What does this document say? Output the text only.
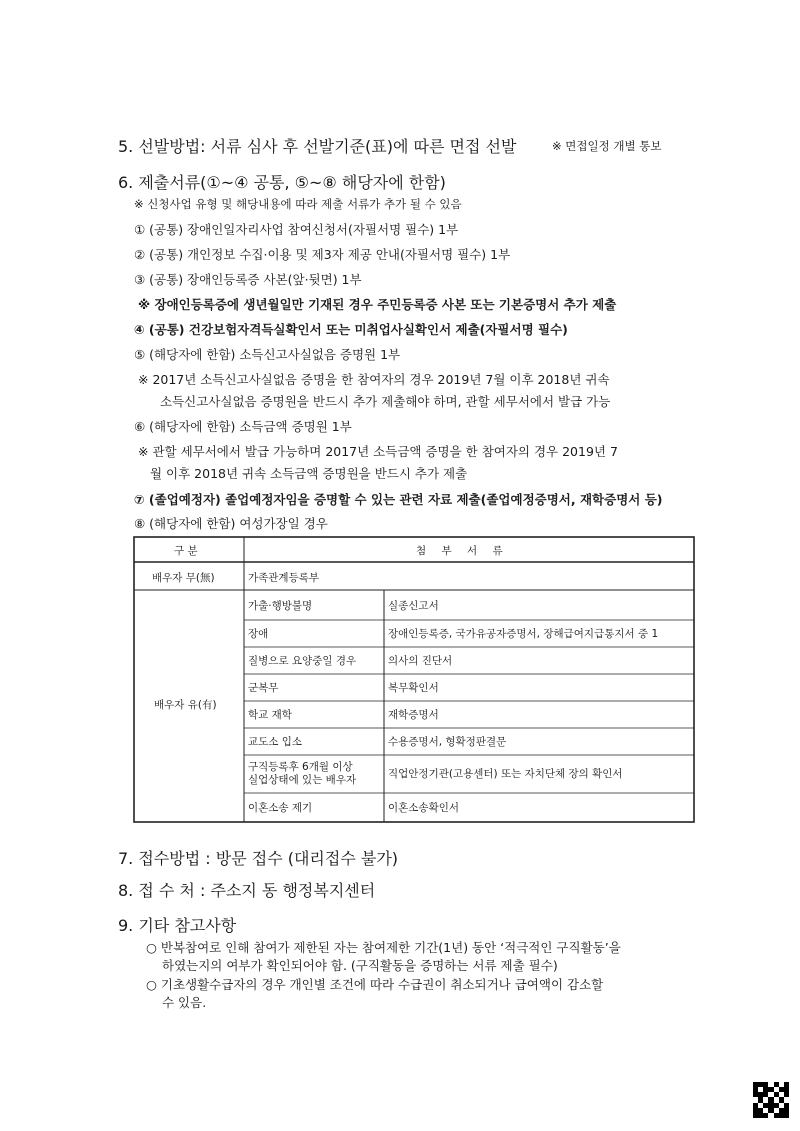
5. 선발방법: 서류 심사 후 선발기준(표)에 따른 면접 선발	※ 면접일정 개별 통보
6. 제출서류(①~④ 공통, ⑤~⑧ 해당자에 한함)
※ 신청사업 유형 및 해당내용에 따라 제출 서류가 추가 될 수 있음
① (공통) 장애인일자리사업 참여신청서(자필서명 필수) 1부
② (공통) 개인정보 수집·이용 및 제3자 제공 안내(자필서명 필수) 1부
③ (공통) 장애인등록증 사본(앞·뒷면) 1부
※ 장애인등록증에 생년월일만 기재된 경우 주민등록증 사본 또는 기본증명서 추가 제출
④ (공통) 건강보험자격득실확인서 또는 미취업사실확인서 제출(자필서명 필수)
⑤ (해당자에 한함) 소득신고사실없음 증명원 1부
※ 2017년 소득신고사실없음 증명을 한 참여자의 경우 2019년 7월 이후 2018년 귀속
소득신고사실없음 증명원을 반드시 추가 제출해야 하며, 관할 세무서에서 발급 가능
⑥ (해당자에 한함) 소득금액 증명원 1부
※ 관할 세무서에서 발급 가능하며 2017년 소득금액 증명을 한 참여자의 경우 2019년 7
월 이후 2018년 귀속 소득금액 증명원을 반드시 추가 제출
⑦ (졸업예정자) 졸업예정자임을 증명할 수 있는 관련 자료 제출(졸업예정증명서, 재학증명서 등)
⑧ (해당자에 한함) 여성가장일 경우
구 분	첨 부 서 류
배우자 무(無)	가족관계등록부
배우자 유(有)
가출·행방불명	실종신고서
장애	장애인등록증, 국가유공자증명서, 장해급여지급통지서 중 1
질병으로 요양중일 경우	의사의 진단서
군복무	복무확인서
학교 재학	재학증명서
교도소 입소	수용증명서, 형확정판결문
구직등록후 6개월 이상
실업상태에 있는 배우자	직업안정기관(고용센터) 또는 자치단체 장의 확인서
이혼소송 제기	이혼소송확인서
7. 접수방법 : 방문 접수 (대리접수 불가)
8. 접 수 처 : 주소지 동 행정복지센터
9. 기타 참고사항
○ 반복참여로 인해 참여가 제한된 자는 참여제한 기간(1년) 동안 ‘적극적인 구직활동’을
하였는지의 여부가 확인되어야 함. (구직활동을 증명하는 서류 제출 필수)
○ 기초생활수급자의 경우 개인별 조건에 따라 수급권이 취소되거나 급여액이 감소할
수 있음.
